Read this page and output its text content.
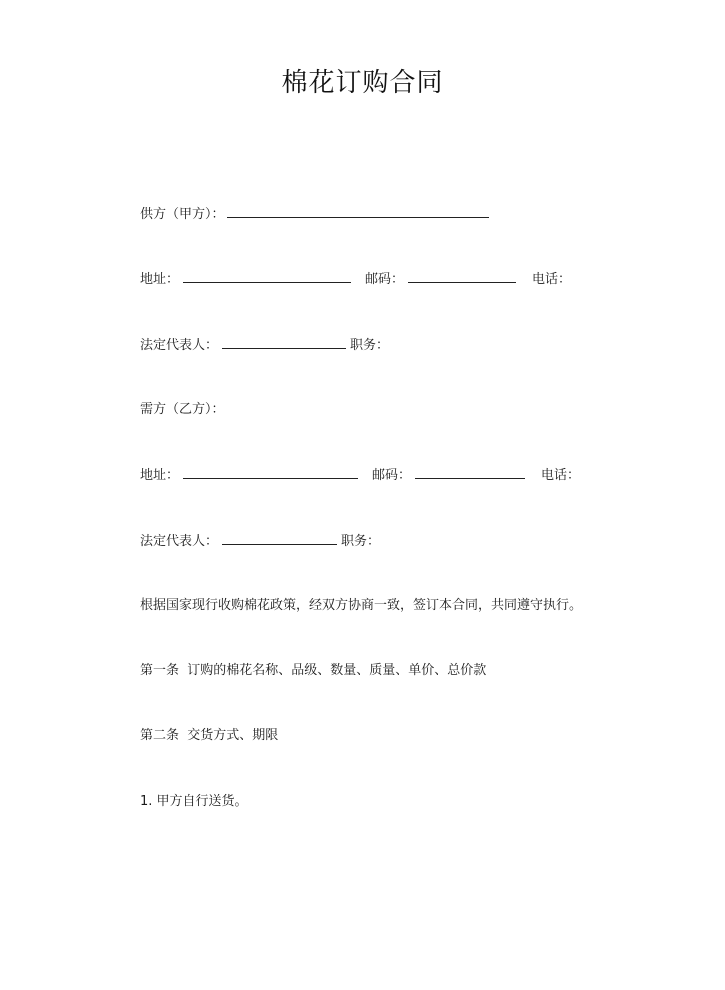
棉花订购合同
供方（甲方）：
地址：	邮码：	电话：
法定代表人：	职务：
需方（乙方）：
地址：	邮码：	电话：
法定代表人：	职务：
根据国家现行收购棉花政策，经双方协商一致，签订本合同，共同遵守执行。
第一条  订购的棉花名称、品级、数量、质量、单价、总价款
第二条  交货方式、期限
1. 甲方自行送货。
